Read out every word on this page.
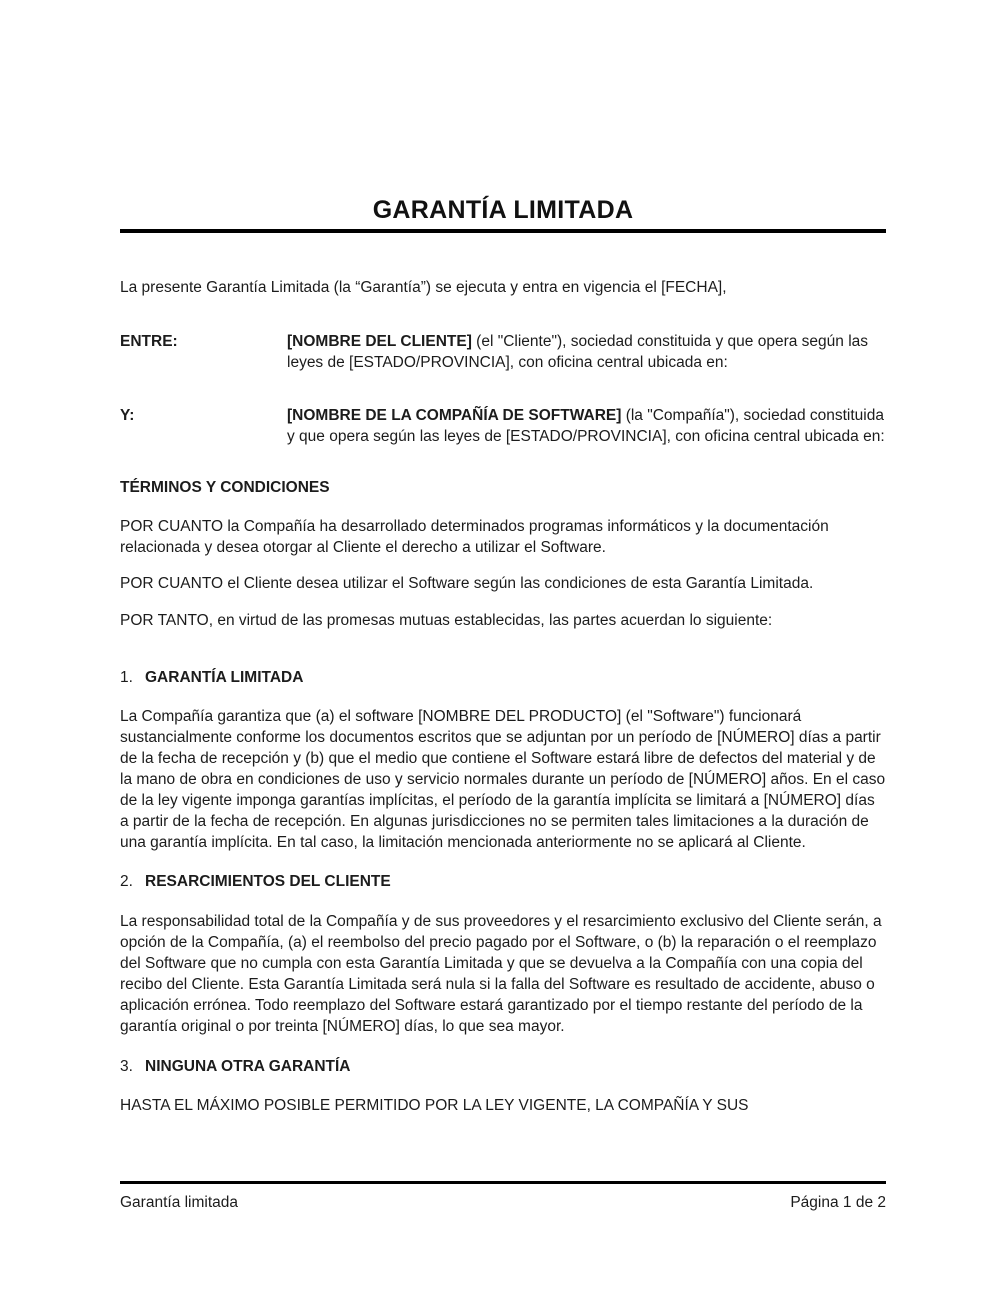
GARANTÍA LIMITADA

La presente Garantía Limitada (la “Garantía”) se ejecuta y entra en vigencia el [FECHA],

ENTRE:	[NOMBRE DEL CLIENTE] (el "Cliente"), sociedad constituida y que opera según las leyes de [ESTADO/PROVINCIA], con oficina central ubicada en:
Y:	[NOMBRE DE LA COMPAÑÍA DE SOFTWARE] (la "Compañía"), sociedad constituida y que opera según las leyes de [ESTADO/PROVINCIA], con oficina central ubicada en:
TÉRMINOS Y CONDICIONES

POR CUANTO la Compañía ha desarrollado determinados programas informáticos y la documentación relacionada y desea otorgar al Cliente el derecho a utilizar el Software.

POR CUANTO el Cliente desea utilizar el Software según las condiciones de esta Garantía Limitada.

POR TANTO, en virtud de las promesas mutuas establecidas, las partes acuerdan lo siguiente:

1. GARANTÍA LIMITADA

La Compañía garantiza que (a) el software [NOMBRE DEL PRODUCTO] (el "Software") funcionará sustancialmente conforme los documentos escritos que se adjuntan por un período de [NÚMERO] días a partir de la fecha de recepción y (b) que el medio que contiene el Software estará libre de defectos del material y de la mano de obra en condiciones de uso y servicio normales durante un período de [NÚMERO] años. En el caso de la ley vigente imponga garantías implícitas, el período de la garantía implícita se limitará a [NÚMERO] días a partir de la fecha de recepción. En algunas jurisdicciones no se permiten tales limitaciones a la duración de una garantía implícita. En tal caso, la limitación mencionada anteriormente no se aplicará al Cliente.

2. RESARCIMIENTOS DEL CLIENTE

La responsabilidad total de la Compañía y de sus proveedores y el resarcimiento exclusivo del Cliente serán, a opción de la Compañía, (a) el reembolso del precio pagado por el Software, o (b) la reparación o el reemplazo del Software que no cumpla con esta Garantía Limitada y que se devuelva a la Compañía con una copia del recibo del Cliente. Esta Garantía Limitada será nula si la falla del Software es resultado de accidente, abuso o aplicación errónea. Todo reemplazo del Software estará garantizado por el tiempo restante del período de la garantía original o por treinta [NÚMERO] días, lo que sea mayor.

3. NINGUNA OTRA GARANTÍA

HASTA EL MÁXIMO POSIBLE PERMITIDO POR LA LEY VIGENTE, LA COMPAÑÍA Y SUS

Garantía limitada	Página 1 de 2
